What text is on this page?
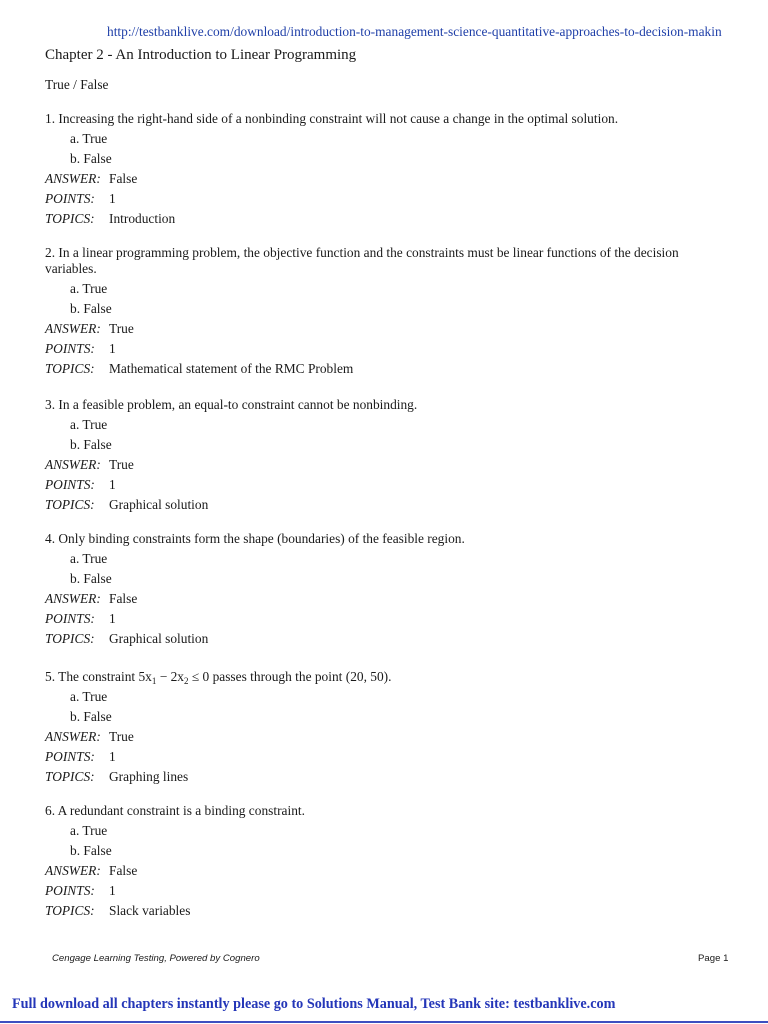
http://testbanklive.com/download/introduction-to-management-science-quantitative-approaches-to-decision-makin
Chapter 2 - An Introduction to Linear Programming
True / False

1. Increasing the right-hand side of a nonbinding constraint will not cause a change in the optimal solution.

a. True

b. False

ANSWER: False

POINTS: 1

TOPICS: Introduction

2. In a linear programming problem, the objective function and the constraints must be linear functions of the decision variables.

a. True

b. False

ANSWER: True

POINTS: 1

TOPICS: Mathematical statement of the RMC Problem

3. In a feasible problem, an equal-to constraint cannot be nonbinding.

a. True

b. False

ANSWER: True

POINTS: 1

TOPICS: Graphical solution

4. Only binding constraints form the shape (boundaries) of the feasible region.

a. True

b. False

ANSWER: False

POINTS: 1

TOPICS: Graphical solution

5. The constraint $5x_1 - 2x_2 \le 0$ passes through the point (20, 50).

a. True

b. False

ANSWER: True

POINTS: 1

TOPICS: Graphing lines

6. A redundant constraint is a binding constraint.

a. True

b. False

ANSWER: False

POINTS: 1

TOPICS: Slack variables

Cengage Learning Testing, Powered by Cognero	Page 1
Full download all chapters instantly please go to Solutions Manual, Test Bank site: testbanklive.com
